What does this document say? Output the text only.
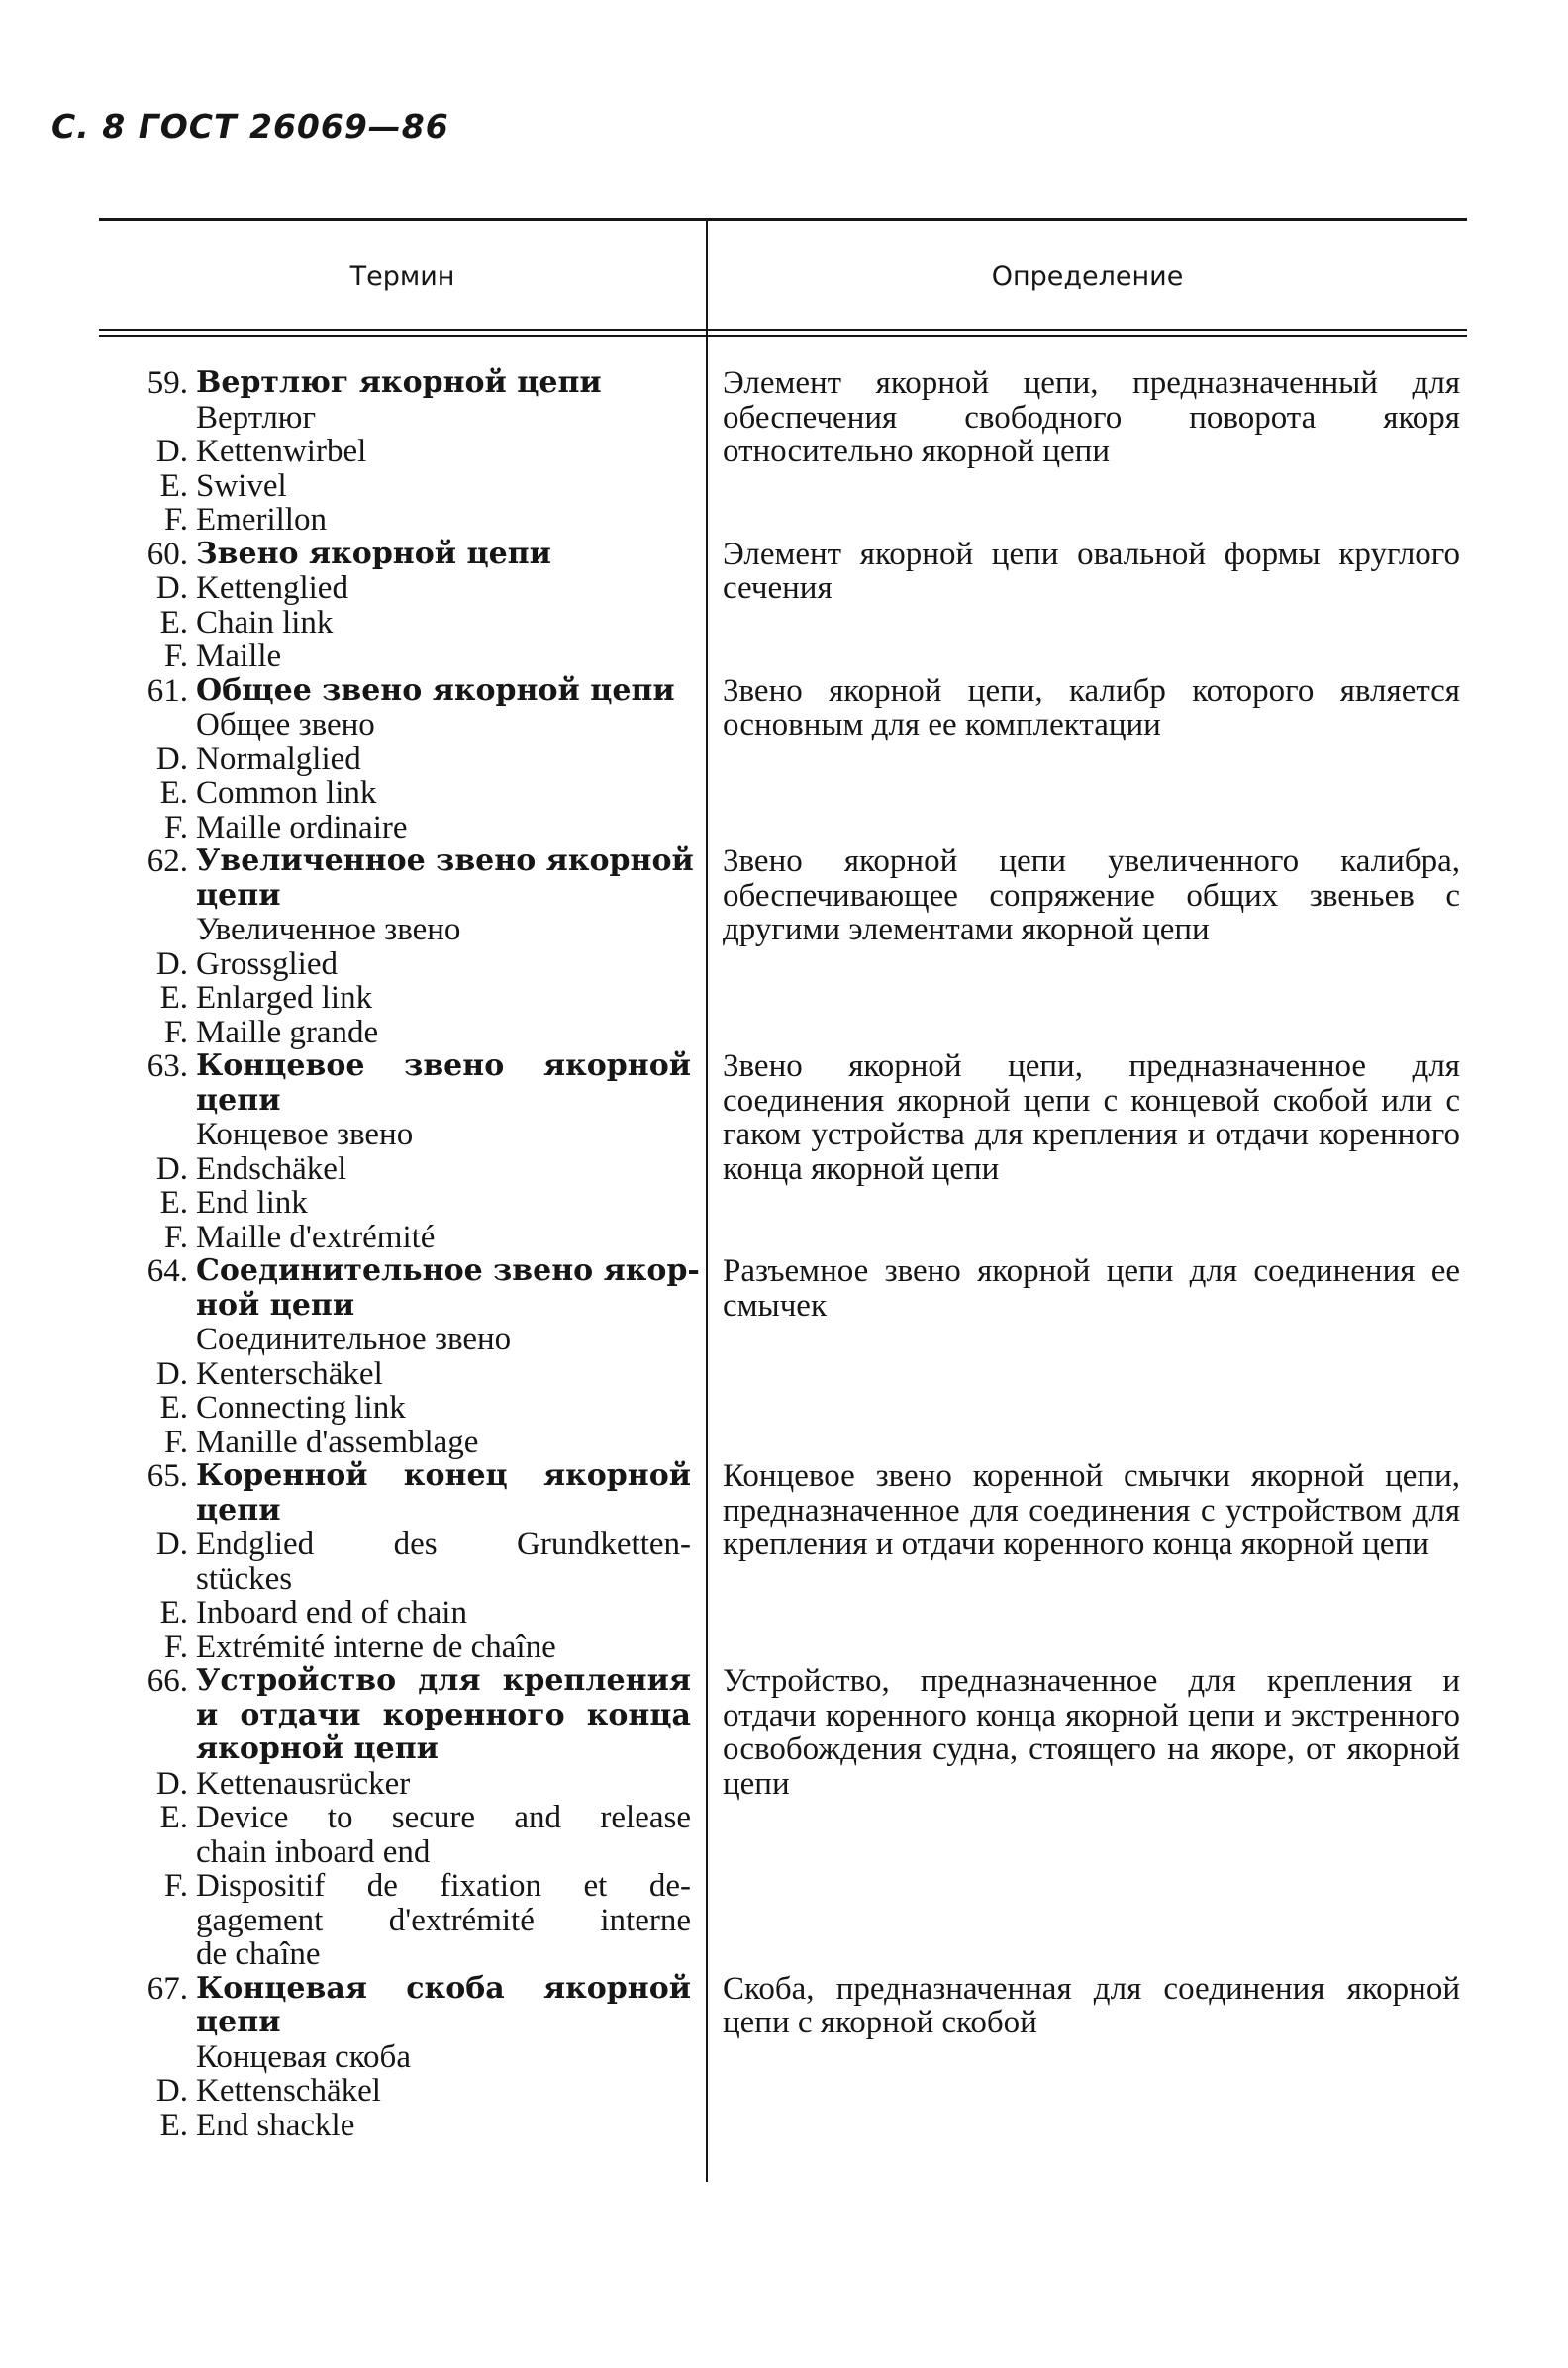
С. 8 ГОСТ 26069—86
Термин	Определение
59. Вертлюг якорной цепи
Вертлюг
D. Kettenwirbel
E. Swivel
F. Emerillon
Элемент якорной цепи, предназначенный для обеспечения свободного поворота якоря относительно якорной цепи
60. Звено якорной цепи
D. Kettenglied
E. Chain link
F. Maille
Элемент якорной цепи овальной формы круглого сечения
61. Общее звено якорной цепи
Общее звено
D. Normalglied
E. Common link
F. Maille ordinaire
Звено якорной цепи, калибр которого является основным для ее комплектации
62. Увеличенное звено якорной
цепи
Увеличенное звено
D. Grossglied
E. Enlarged link
F. Maille grande
Звено якорной цепи увеличенного калибра, обеспечивающее сопряжение общих звеньев с другими элементами якорной цепи
63. Концевое звено якорной
цепи
Концевое звено
D. Endschäkel
E. End link
F. Maille d'extrémité
Звено якорной цепи, предназначенное для соединения якорной цепи с концевой скобой или с гаком устройства для крепления и отдачи коренного конца якорной цепи
64. Соединительное звено якор-
ной цепи
Соединительное звено
D. Kenterschäkel
E. Connecting link
F. Manille d'assemblage
Разъемное звено якорной цепи для соединения ее смычек
65. Коренной конец якорной
цепи
D. Endglied des Grundketten-
stückes
E. Inboard end of chain
F. Extrémité interne de chaîne
Концевое звено коренной смычки якорной цепи, предназначенное для соединения с устройством для крепления и отдачи коренного конца якорной цепи
66. Устройство для крепления
и отдачи коренного конца
якорной цепи
D. Kettenausrücker
E. Device to secure and release
chain inboard end
F. Dispositif de fixation et de-
gagement d'extrémité interne
de chaîne
Устройство, предназначенное для крепления и отдачи коренного конца якорной цепи и экстренного освобождения судна, стоящего на якоре, от якорной цепи
67. Концевая скоба якорной
цепи
Концевая скоба
D. Kettenschäkel
E. End shackle
Скоба, предназначенная для соединения якорной цепи с якорной скобой
